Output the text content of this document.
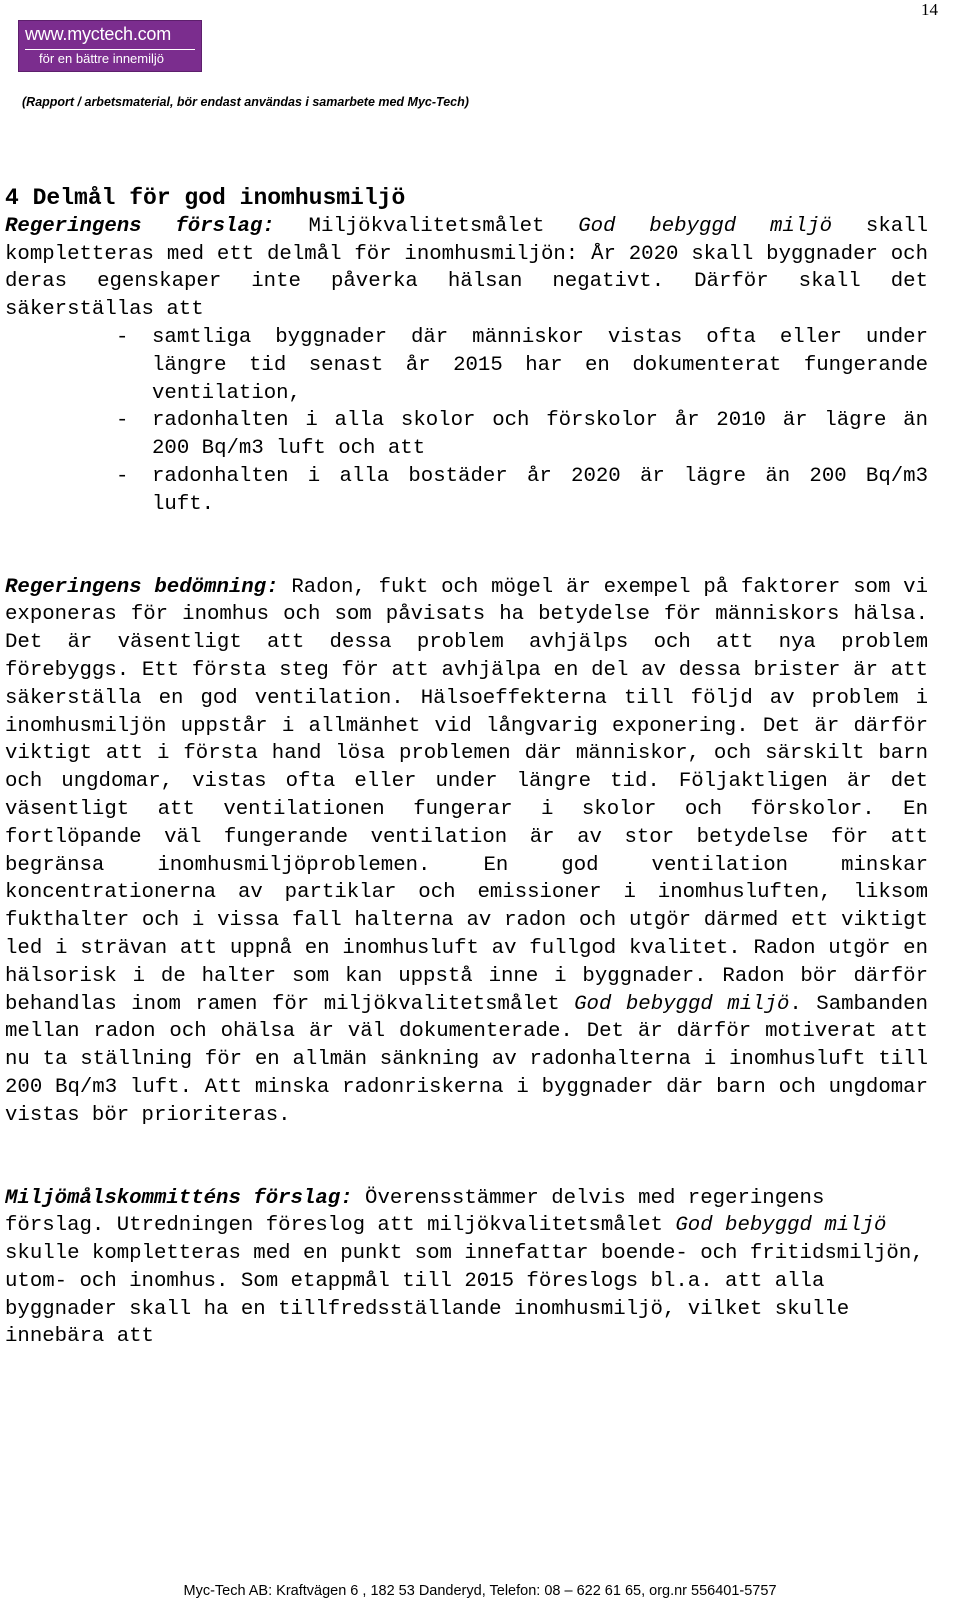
14
www.myctech.com
för en bättre innemiljö
(Rapport / arbetsmaterial, bör endast användas i samarbete med Myc-Tech)
4 Delmål för god inomhusmiljö

Regeringens förslag: Miljökvalitetsmålet God bebyggd miljö skall kompletteras med ett delmål för inomhusmiljön: År 2020 skall byggnader och deras egenskaper inte påverka hälsan negativt. Därför skall det säkerställas att

- samtliga byggnader där människor vistas ofta eller under längre tid senast år 2015 har en dokumenterat fungerande ventilation,
- radonhalten i alla skolor och förskolor år 2010 är lägre än 200 Bq/m3 luft och att
- radonhalten i alla bostäder år 2020 är lägre än 200 Bq/m3 luft.

Regeringens bedömning: Radon, fukt och mögel är exempel på faktorer som vi exponeras för inomhus och som påvisats ha betydelse för människors hälsa. Det är väsentligt att dessa problem avhjälps och att nya problem förebyggs. Ett första steg för att avhjälpa en del av dessa brister är att säkerställa en god ventilation. Hälsoeffekterna till följd av problem i inomhusmiljön uppstår i allmänhet vid långvarig exponering. Det är därför viktigt att i första hand lösa problemen där människor, och särskilt barn och ungdomar, vistas ofta eller under längre tid. Följaktligen är det väsentligt att ventilationen fungerar i skolor och förskolor. En fortlöpande väl fungerande ventilation är av stor betydelse för att begränsa inomhusmiljöproblemen. En god ventilation minskar koncentrationerna av partiklar och emissioner i inomhusluften, liksom fukthalter och i vissa fall halterna av radon och utgör därmed ett viktigt led i strävan att uppnå en inomhusluft av fullgod kvalitet. Radon utgör en hälsorisk i de halter som kan uppstå inne i byggnader. Radon bör därför behandlas inom ramen för miljökvalitetsmålet God bebyggd miljö. Sambanden mellan radon och ohälsa är väl dokumenterade. Det är därför motiverat att nu ta ställning för en allmän sänkning av radonhalterna i inomhusluft till 200 Bq/m3 luft. Att minska radonriskerna i byggnader där barn och ungdomar vistas bör prioriteras.

Miljömålskommitténs förslag: Överensstämmer delvis med regeringens förslag. Utredningen föreslog att miljökvalitetsmålet God bebyggd miljö skulle kompletteras med en punkt som innefattar boende- och fritidsmiljön, utom- och inomhus. Som etappmål till 2015 föreslogs bl.a. att alla byggnader skall ha en tillfredsställande inomhusmiljö, vilket skulle innebära att

Myc-Tech AB: Kraftvägen 6 , 182 53 Danderyd, Telefon: 08 – 622 61 65, org.nr 556401-5757
